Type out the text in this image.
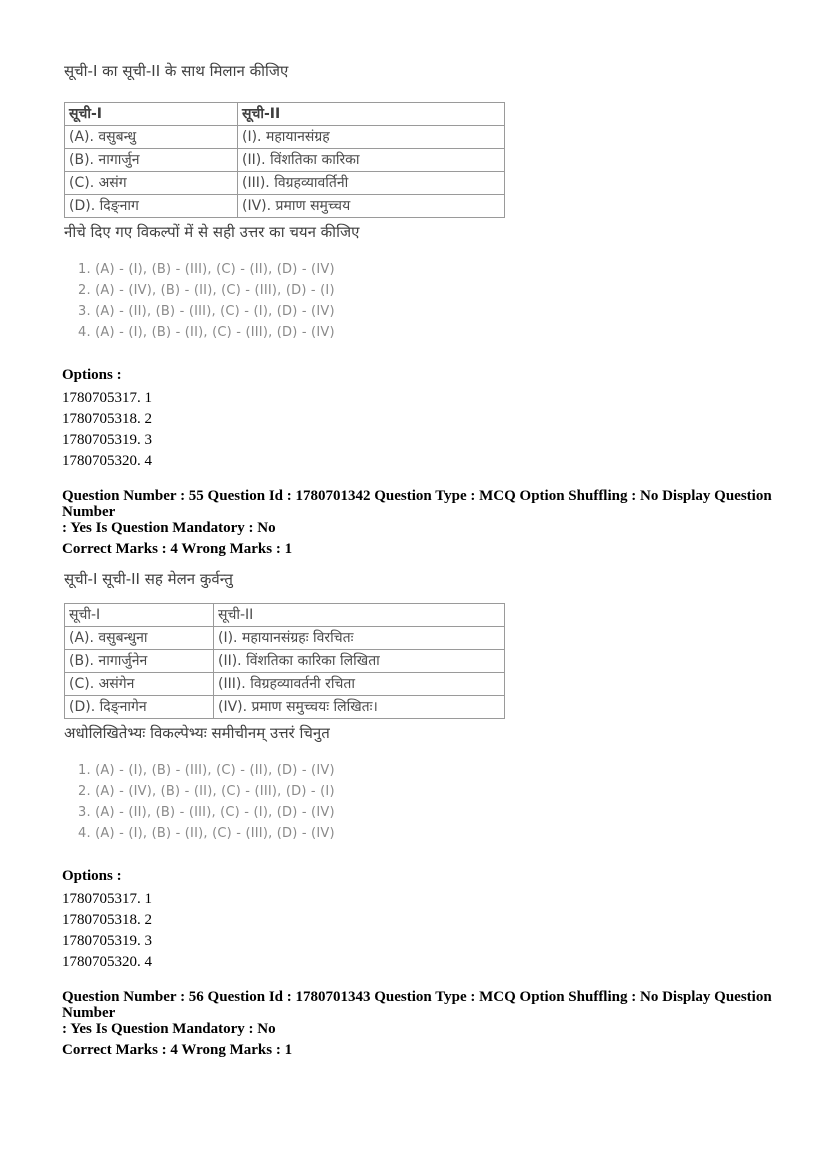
सूची-I का सूची-II के साथ मिलान कीजिए
सूची-I	सूची-II
(A). वसुबन्धु	(I). महायानसंग्रह
(B). नागार्जुन	(II). विंशतिका कारिका
(C). असंग	(III). विग्रहव्यावर्तिनी
(D). दिङ्नाग	(IV). प्रमाण समुच्चय
नीचे दिए गए विकल्पों में से सही उत्तर का चयन कीजिए
1. (A) - (I), (B) - (III), (C) - (II), (D) - (IV)
2. (A) - (IV), (B) - (II), (C) - (III), (D) - (I)
3. (A) - (II), (B) - (III), (C) - (I), (D) - (IV)
4. (A) - (I), (B) - (II), (C) - (III), (D) - (IV)
Options :
1780705317. 1
1780705318. 2
1780705319. 3
1780705320. 4
Question Number : 55 Question Id : 1780701342 Question Type : MCQ Option Shuffling : No Display Question Number
: Yes Is Question Mandatory : No
Correct Marks : 4 Wrong Marks : 1
सूची-I सूची-II सह मेलन कुर्वन्तु
सूची-I	सूची-II
(A). वसुबन्धुना	(I). महायानसंग्रहः विरचितः
(B). नागार्जुनेन	(II). विंशतिका कारिका लिखिता
(C). असंगेन	(III). विग्रहव्यावर्तनी रचिता
(D). दिङ्नागेन	(IV). प्रमाण समुच्चयः लिखितः।
अधोलिखितेभ्यः विकल्पेभ्यः समीचीनम् उत्तरं चिनुत
1. (A) - (I), (B) - (III), (C) - (II), (D) - (IV)
2. (A) - (IV), (B) - (II), (C) - (III), (D) - (I)
3. (A) - (II), (B) - (III), (C) - (I), (D) - (IV)
4. (A) - (I), (B) - (II), (C) - (III), (D) - (IV)
Options :
1780705317. 1
1780705318. 2
1780705319. 3
1780705320. 4
Question Number : 56 Question Id : 1780701343 Question Type : MCQ Option Shuffling : No Display Question Number
: Yes Is Question Mandatory : No
Correct Marks : 4 Wrong Marks : 1
